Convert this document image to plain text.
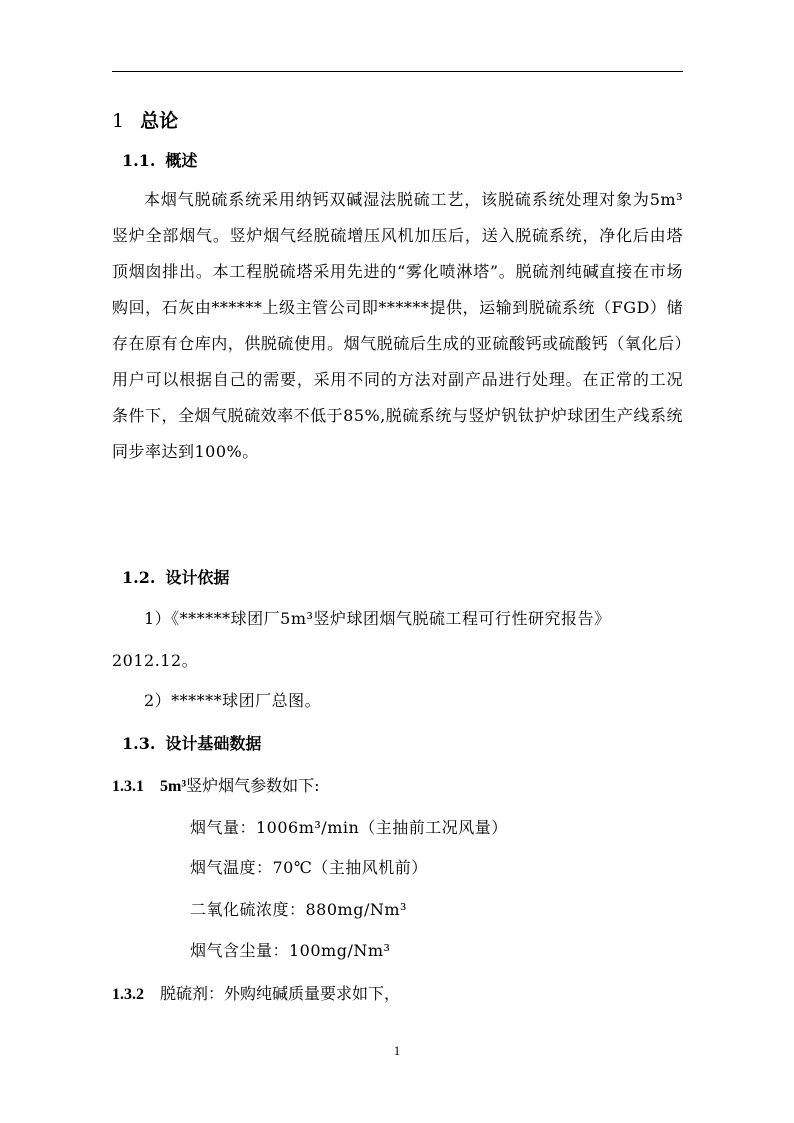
1 总论
1.1. 概述
本烟气脱硫系统采用纳钙双碱湿法脱硫工艺，该脱硫系统处理对象为5m³竖炉全部烟气。竖炉烟气经脱硫增压风机加压后，送入脱硫系统，净化后由塔顶烟囱排出。本工程脱硫塔采用先进的“雾化喷淋塔”。脱硫剂纯碱直接在市场购回，石灰由******上级主管公司即******提供，运输到脱硫系统（FGD）储存在原有仓库内，供脱硫使用。烟气脱硫后生成的亚硫酸钙或硫酸钙（氧化后）用户可以根据自己的需要，采用不同的方法对副产品进行处理。在正常的工况条件下，全烟气脱硫效率不低于85%,脱硫系统与竖炉钒钛护炉球团生产线系统同步率达到100%。
1.2. 设计依据
1）《******球团厂5m³竖炉球团烟气脱硫工程可行性研究报告》
2012.12。
2）******球团厂总图。
1.3. 设计基础数据
1.3.1 5m³竖炉烟气参数如下:
烟气量：1006m³/min（主抽前工况风量）
烟气温度：70℃（主抽风机前）
二氧化硫浓度：880mg/Nm³
烟气含尘量：100mg/Nm³
1.3.2 脱硫剂：外购纯碱质量要求如下，
1
